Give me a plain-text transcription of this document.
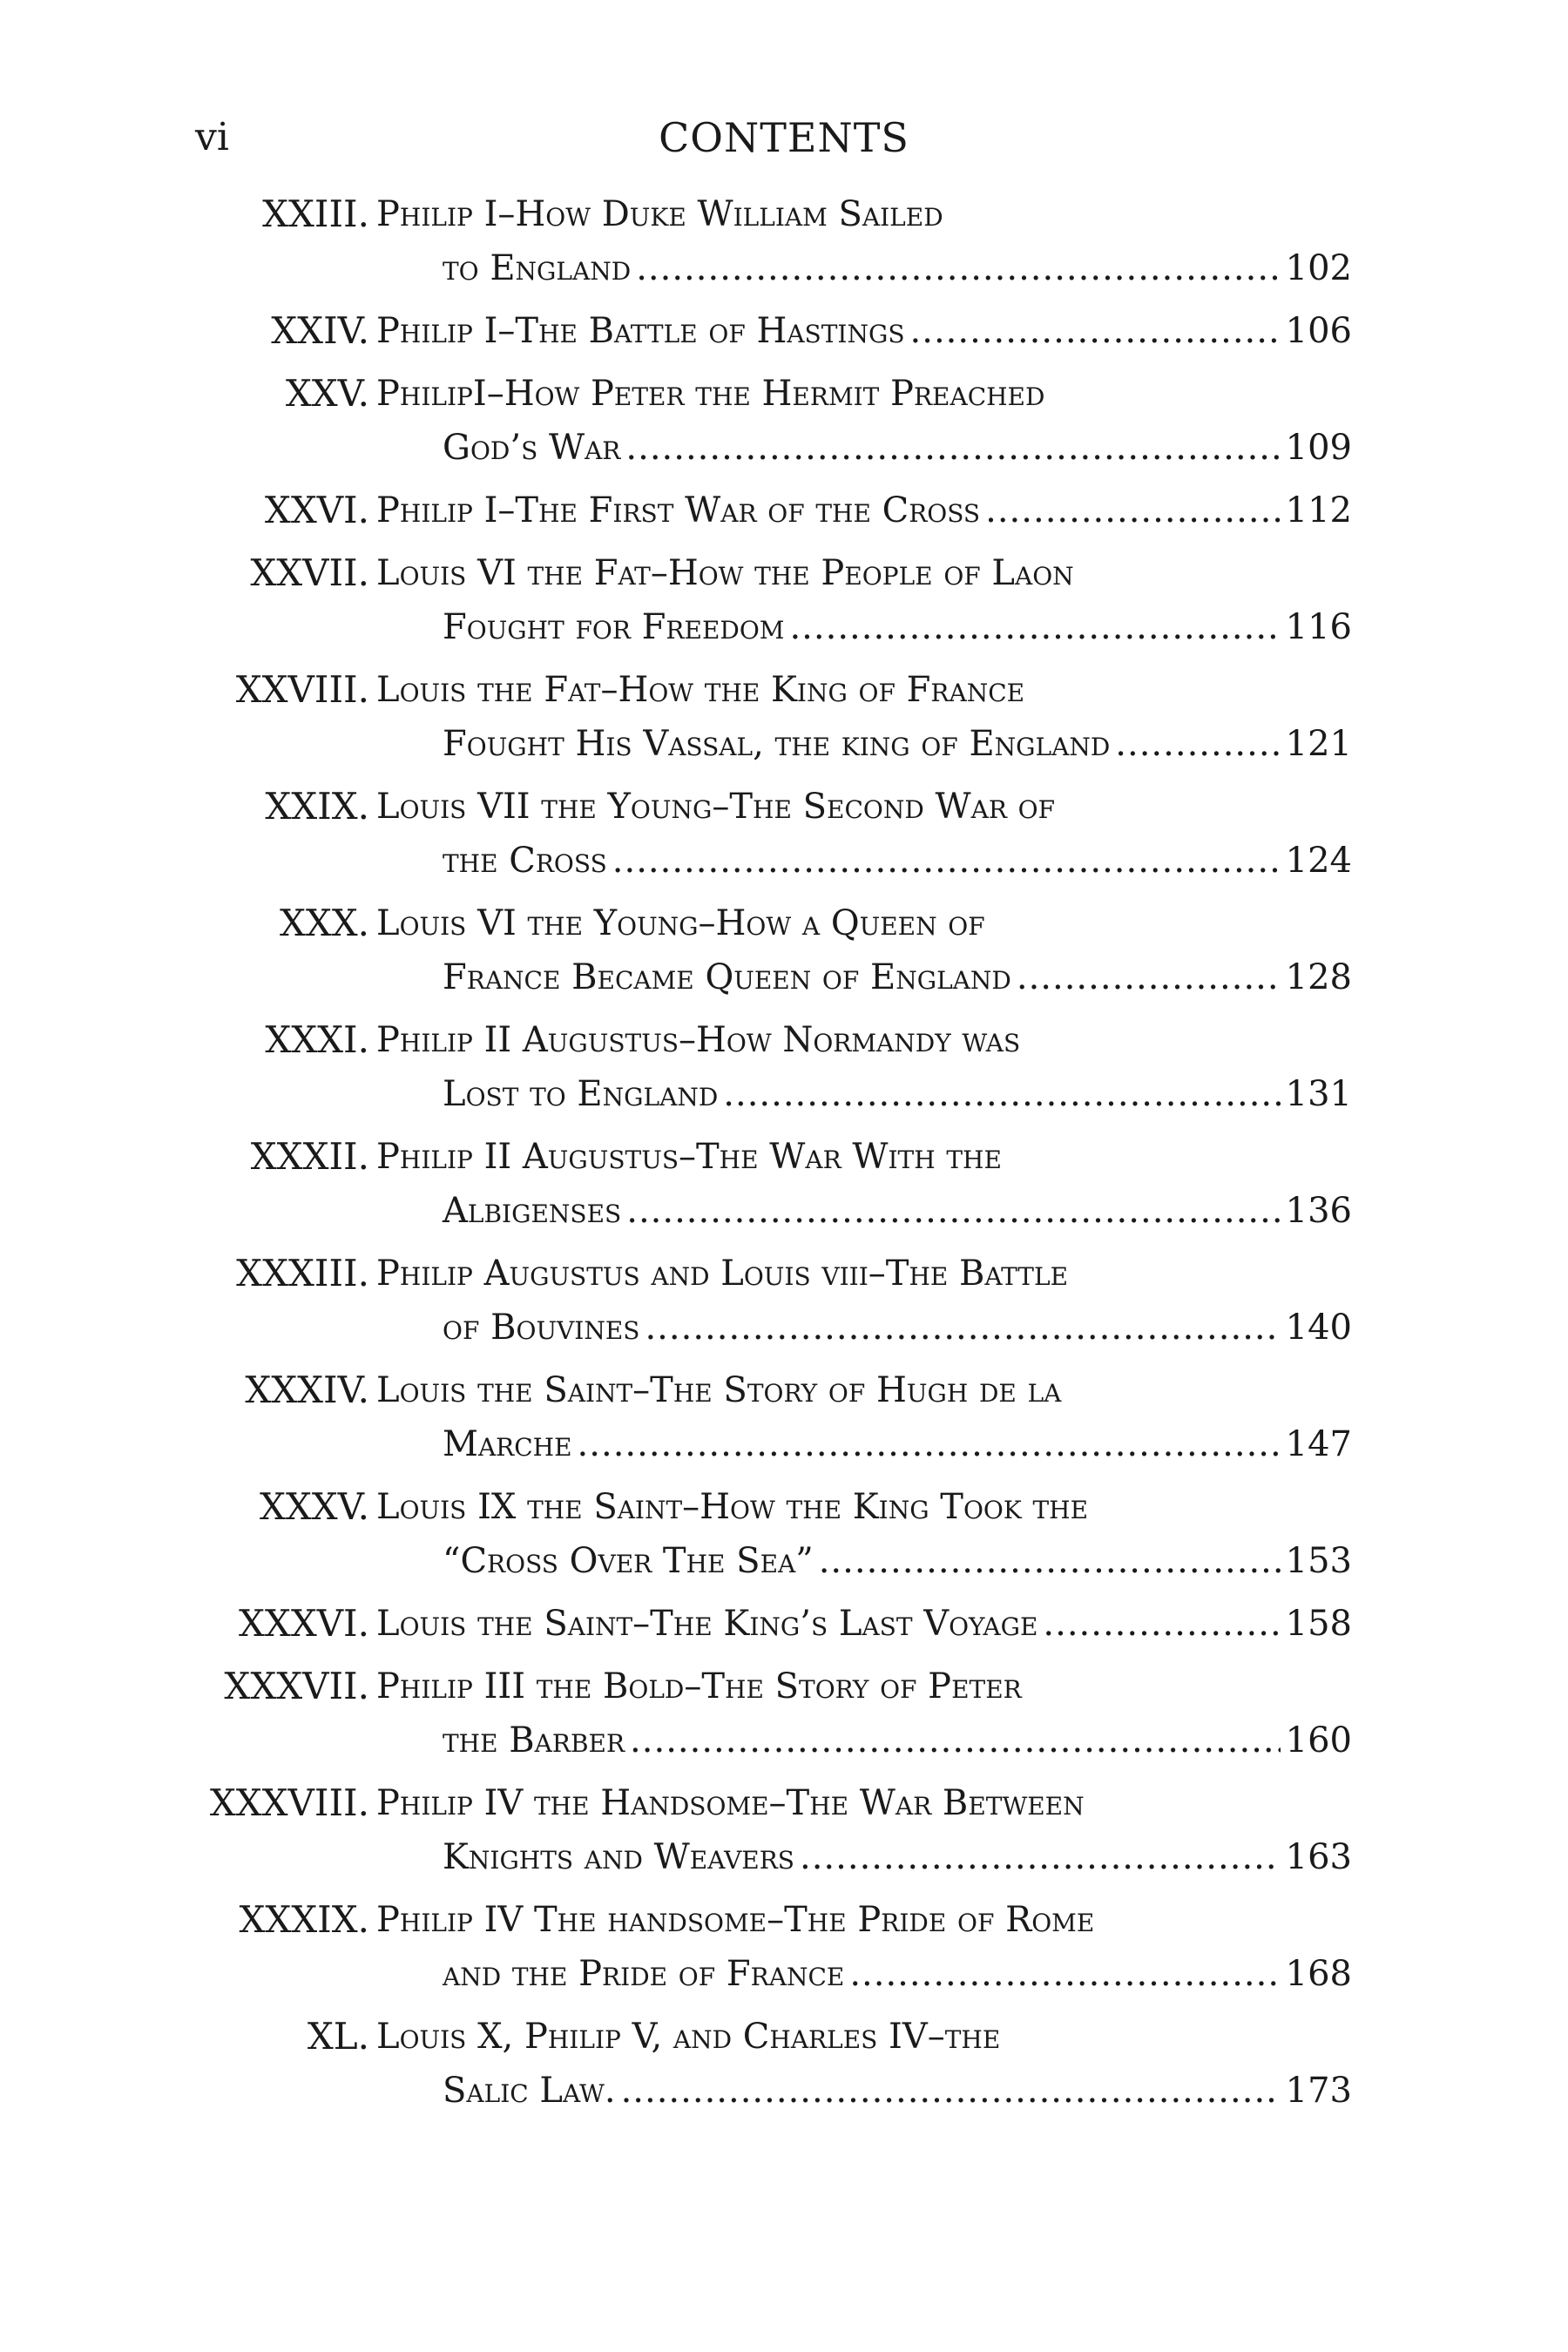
vi	CONTENTS
XXIII. Philip I–How Duke William Sailed
to England .....	102
XXIV. Philip I–The Battle of Hastings .....	106
XXV. PhilipI–How Peter the Hermit Preached
God’s War .....	109
XXVI. Philip I–The First War of the Cross .....	112
XXVII. Louis VI the Fat–How the People of Laon
Fought for Freedom .....	116
XXVIII. Louis the Fat–How the King of France
Fought His Vassal, the king of England .....	121
XXIX. Louis VII the Young–The Second War of
the Cross .....	124
XXX. Louis VI the Young–How a Queen of
France Became Queen of England .....	128
XXXI. Philip II Augustus–How Normandy was
Lost to England .....	131
XXXII. Philip II Augustus–The War With the
Albigenses .....	136
XXXIII. Philip Augustus and Louis viii–The Battle
of Bouvines .....	140
XXXIV. Louis the Saint–The Story of Hugh de la
Marche .....	147
XXXV. Louis IX the Saint–How the King Took the
“Cross Over The Sea” .....	153
XXXVI. Louis the Saint–The King’s Last Voyage .....	158
XXXVII. Philip III the Bold–The Story of Peter
the Barber .....	160
XXXVIII. Philip IV the Handsome–The War Between
Knights and Weavers .....	163
XXXIX. Philip IV The handsome–The Pride of Rome
and the Pride of France .....	168
XL. Louis X, Philip V, and Charles IV–the
Salic Law. .....	173
